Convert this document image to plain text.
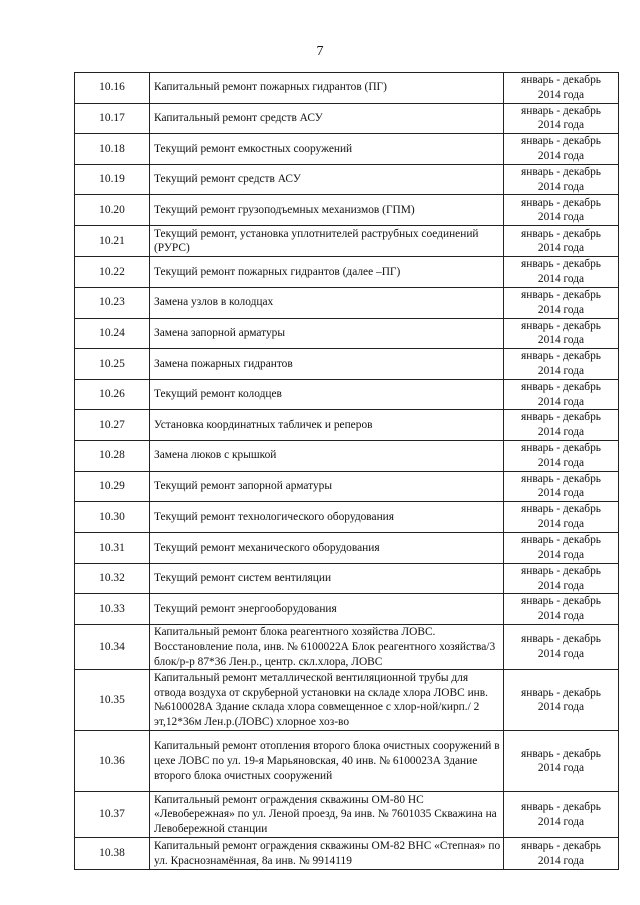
7
10.16	Капитальный ремонт пожарных гидрантов (ПГ)	январь - декабрь
2014 года

10.17	Капитальный ремонт средств АСУ	январь - декабрь
2014 года

10.18	Текущий ремонт емкостных сооружений	январь - декабрь
2014 года

10.19	Текущий ремонт средств АСУ	январь - декабрь
2014 года

10.20	Текущий ремонт грузоподъемных механизмов (ГПМ)	январь - декабрь
2014 года

10.21	Текущий ремонт, установка уплотнителей раструбных соединений (РУРС)	январь - декабрь
2014 года

10.22	Текущий ремонт пожарных гидрантов (далее –ПГ)	январь - декабрь
2014 года

10.23	Замена узлов в колодцах	январь - декабрь
2014 года

10.24	Замена запорной арматуры	январь - декабрь
2014 года

10.25	Замена пожарных гидрантов	январь - декабрь
2014 года

10.26	Текущий ремонт колодцев	январь - декабрь
2014 года

10.27	Установка координатных табличек и реперов	январь - декабрь
2014 года

10.28	Замена люков с крышкой	январь - декабрь
2014 года

10.29	Текущий ремонт запорной арматуры	январь - декабрь
2014 года

10.30	Текущий ремонт технологического оборудования	январь - декабрь
2014 года

10.31	Текущий ремонт механического оборудования	январь - декабрь
2014 года

10.32	Текущий ремонт систем вентиляции	январь - декабрь
2014 года

10.33	Текущий ремонт энергооборудования	январь - декабрь
2014 года

10.34	Капитальный ремонт блока реагентного хозяйства ЛОВС. Восстановление пола, инв. № 6100022А Блок реагентного хозяйства/3 блок/р-р 87*36 Лен.р., центр. скл.хлора, ЛОВС	январь - декабрь
2014 года

10.35	Капитальный ремонт металлической вентиляционной трубы для отвода воздуха от скруберной установки на складе хлора ЛОВС инв. №6100028А Здание склада хлора совмещенное с хлор-ной/кирп./ 2 эт,12*36м Лен.р.(ЛОВС) хлорное хоз-во	январь - декабрь
2014 года

10.36	Капитальный ремонт отопления второго блока очистных сооружений в цехе ЛОВС по ул. 19-я Марьяновская, 40 инв. № 6100023А Здание второго блока очистных сооружений	январь - декабрь
2014 года

10.37	Капитальный ремонт ограждения скважины ОМ-80 НС «Левобережная» по ул. Леной проезд, 9а инв. № 7601035 Скважина на Левобережной станции	январь - декабрь
2014 года

10.38	Капитальный ремонт ограждения скважины ОМ-82 ВНС «Степная» по ул. Краснознамённая, 8а инв. № 9914119	январь - декабрь
2014 года
